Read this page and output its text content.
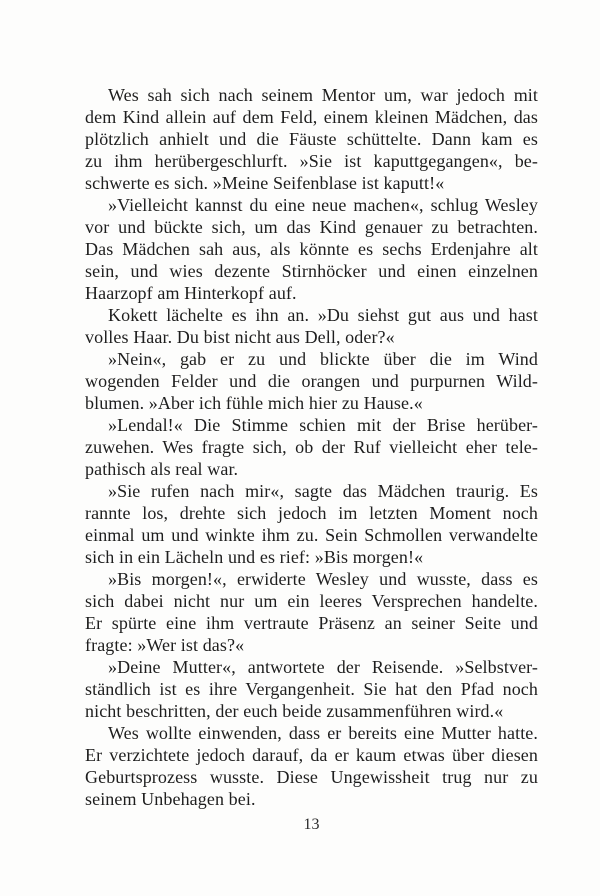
Wes sah sich nach seinem Mentor um, war jedoch mit
dem Kind allein auf dem Feld, einem kleinen Mädchen, das
plötzlich anhielt und die Fäuste schüttelte. Dann kam es
zu ihm herübergeschlurft. »Sie ist kaputtgegangen«, be-
schwerte es sich. »Meine Seifenblase ist kaputt!«
»Vielleicht kannst du eine neue machen«, schlug Wesley
vor und bückte sich, um das Kind genauer zu betrachten.
Das Mädchen sah aus, als könnte es sechs Erdenjahre alt
sein, und wies dezente Stirnhöcker und einen einzelnen
Haarzopf am Hinterkopf auf.
Kokett lächelte es ihn an. »Du siehst gut aus und hast
volles Haar. Du bist nicht aus Dell, oder?«
»Nein«, gab er zu und blickte über die im Wind
wogenden Felder und die orangen und purpurnen Wild-
blumen. »Aber ich fühle mich hier zu Hause.«
»Lendal!« Die Stimme schien mit der Brise herüber-
zuwehen. Wes fragte sich, ob der Ruf vielleicht eher tele-
pathisch als real war.
»Sie rufen nach mir«, sagte das Mädchen traurig. Es
rannte los, drehte sich jedoch im letzten Moment noch
einmal um und winkte ihm zu. Sein Schmollen verwandelte
sich in ein Lächeln und es rief: »Bis morgen!«
»Bis morgen!«, erwiderte Wesley und wusste, dass es
sich dabei nicht nur um ein leeres Versprechen handelte.
Er spürte eine ihm vertraute Präsenz an seiner Seite und
fragte: »Wer ist das?«
»Deine Mutter«, antwortete der Reisende. »Selbstver-
ständlich ist es ihre Vergangenheit. Sie hat den Pfad noch
nicht beschritten, der euch beide zusammenführen wird.«
Wes wollte einwenden, dass er bereits eine Mutter hatte.
Er verzichtete jedoch darauf, da er kaum etwas über diesen
Geburtsprozess wusste. Diese Ungewissheit trug nur zu
seinem Unbehagen bei.
13
